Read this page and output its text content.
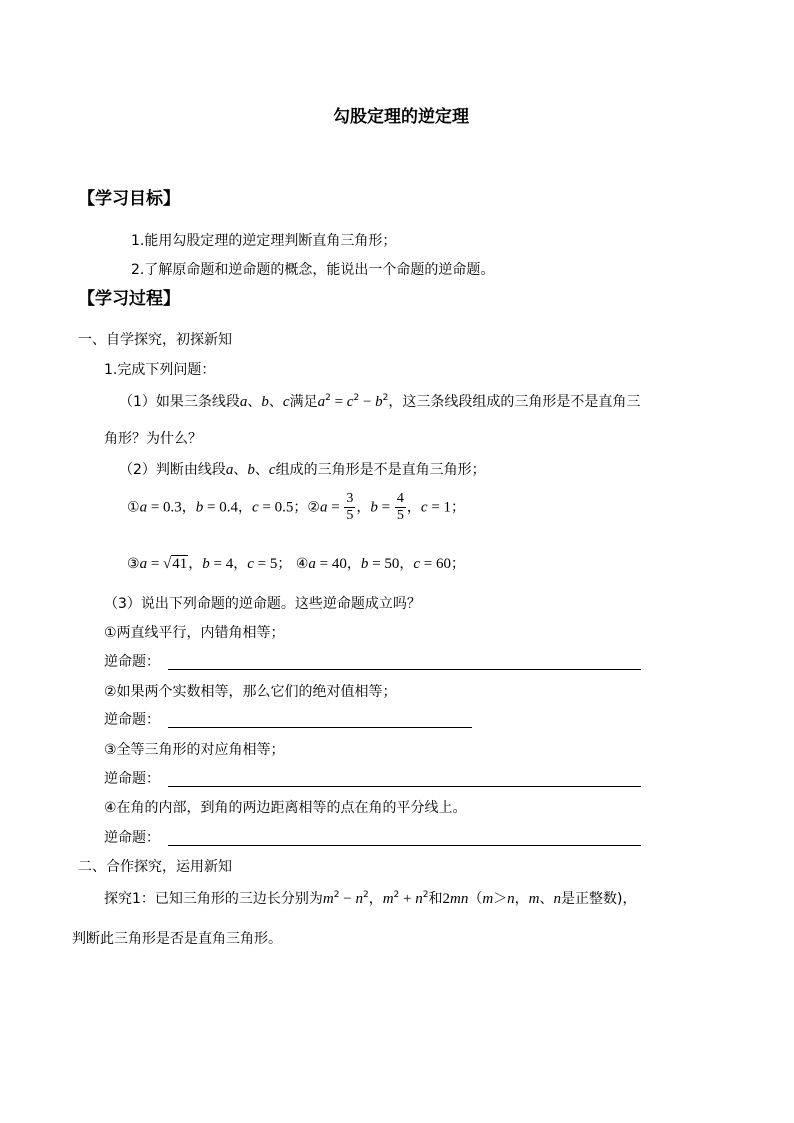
勾股定理的逆定理
【学习目标】
1.能用勾股定理的逆定理判断直角三角形；
2.了解原命题和逆命题的概念，能说出一个命题的逆命题。
【学习过程】
一、自学探究，初探新知
1.完成下列问题：
（1）如果三条线段a、b、c满足$a^2 = c^2 - b^2$，这三条线段组成的三角形是不是直角三
角形？为什么？
（2）判断由线段a、b、c组成的三角形是不是直角三角形；
①a = 0.3，b = 0.4，c = 0.5；②a = $\frac{3}{5}$ ，$b = \frac{4}{5}$ ，c = 1；
③a = √41，b = 4，c = 5； ④a = 40，b = 50，c = 60；
（3）说出下列命题的逆命题。这些逆命题成立吗？
①两直线平行，内错角相等；
逆命题：
②如果两个实数相等，那么它们的绝对值相等；
逆命题：
③全等三角形的对应角相等；
逆命题：
④在角的内部，到角的两边距离相等的点在角的平分线上。
逆命题：
二、合作探究，运用新知
探究1：已知三角形的三边长分别为$m^2 - n^2$，$m^2 + n^2$和2mn（m＞n，m、n是正整数)，
判断此三角形是否是直角三角形。
